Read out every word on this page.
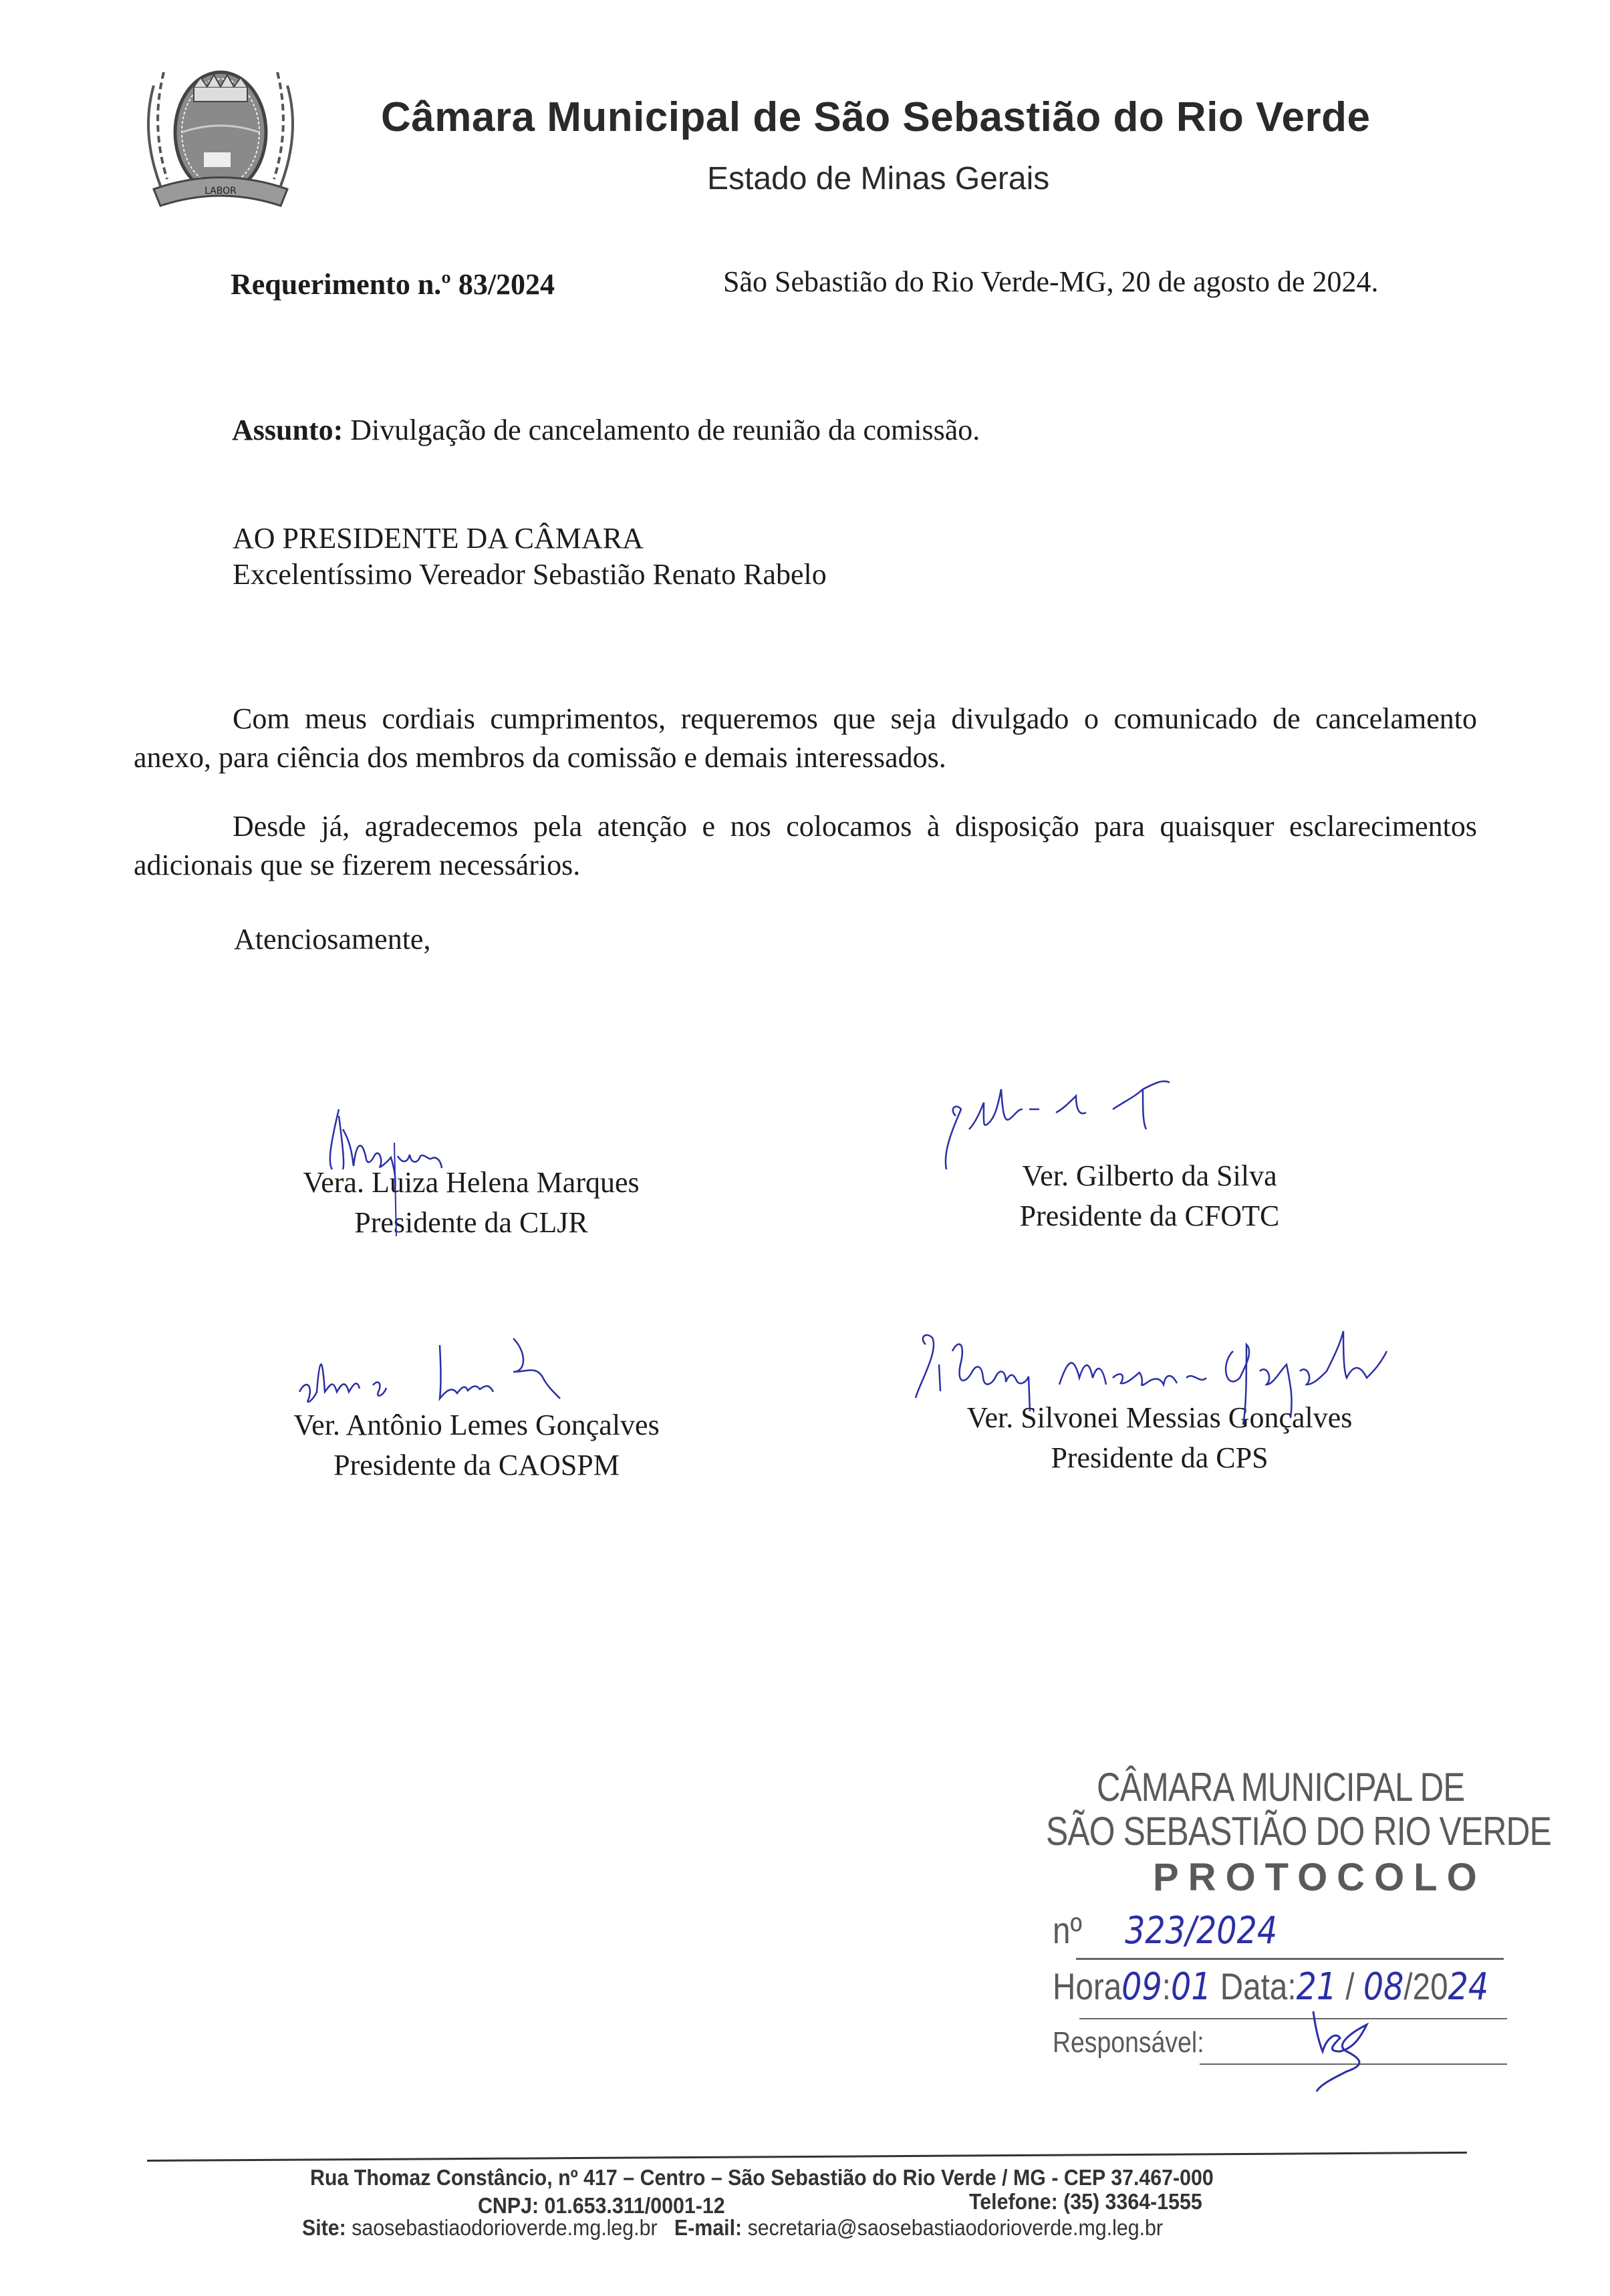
LABOR
Câmara Municipal de São Sebastião do Rio Verde
Estado de Minas Gerais
Requerimento n.º 83/2024	São Sebastião do Rio Verde-MG, 20 de agosto de 2024.
Assunto: Divulgação de cancelamento de reunião da comissão.
AO PRESIDENTE DA CÂMARA
Excelentíssimo Vereador Sebastião Renato Rabelo
Com meus cordiais cumprimentos, requeremos que seja divulgado o comunicado de cancelamento anexo, para ciência dos membros da comissão e demais interessados.
Desde já, agradecemos pela atenção e nos colocamos à disposição para quaisquer esclarecimentos adicionais que se fizerem necessários.
Atenciosamente,
Vera. Luiza Helena Marques
Presidente da CLJR
Ver. Gilberto da Silva
Presidente da CFOTC
Ver. Antônio Lemes Gonçalves
Presidente da CAOSPM
Ver. Silvonei Messias Gonçalves
Presidente da CPS
CÂMARA MUNICIPAL DE
SÃO SEBASTIÃO DO RIO VERDE
PROTOCOLO
nº 323/2024
Hora09:01 Data:21 / 08/2024
Responsável:
Rua Thomaz Constâncio, nº 417 – Centro – São Sebastião do Rio Verde / MG - CEP 37.467-000
CNPJ: 01.653.311/0001-12	Telefone: (35) 3364-1555
Site: saosebastiaodorioverde.mg.leg.br E-mail: secretaria@saosebastiaodorioverde.mg.leg.br
